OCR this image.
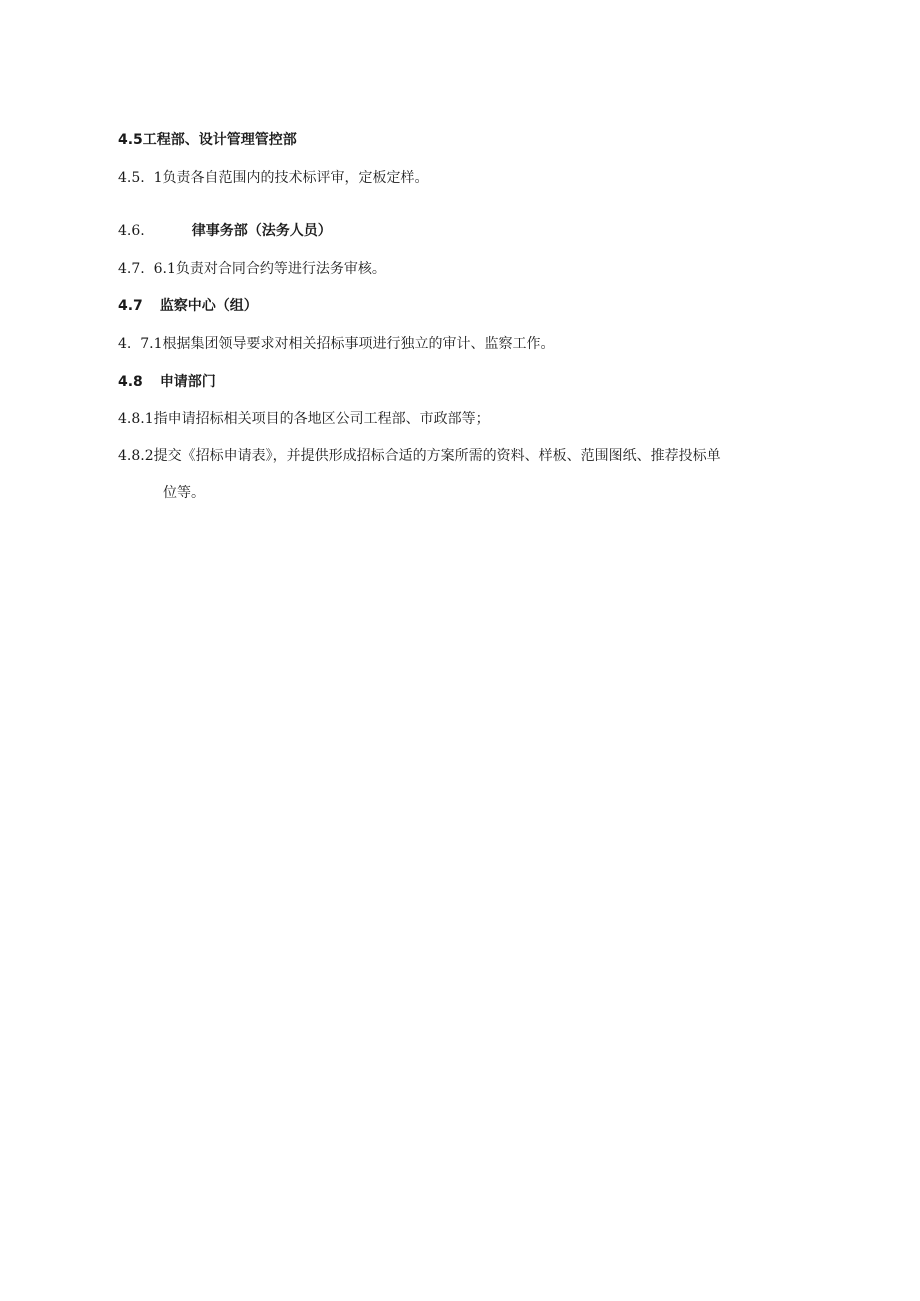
4.5工程部、设计管理管控部
4.5.  1负责各自范围内的技术标评审，定板定样。
4.6.	律事务部（法务人员）
4.7.  6.1负责对合同合约等进行法务审核。
4.7 监察中心（组）
4.  7.1根据集团领导要求对相关招标事项进行独立的审计、监察工作。
4.8 申请部门
4.8.1指申请招标相关项目的各地区公司工程部、市政部等；
4.8.2提交《招标申请表》，并提供形成招标合适的方案所需的资料、样板、范围图纸、推荐投标单
位等。
